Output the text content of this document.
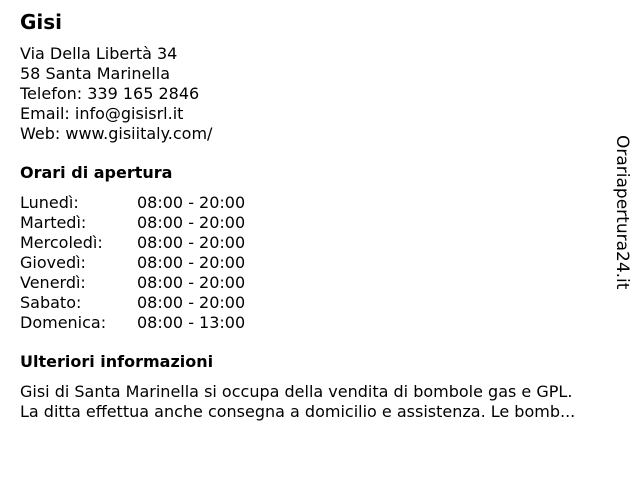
Gisi
Via Della Libertà 34
58 Santa Marinella
Telefon: 339 165 2846
Email: info@gisisrl.it
Web: www.gisiitaly.com/
Orari di apertura
Lunedì:	08:00 - 20:00
Martedì:	08:00 - 20:00
Mercoledì:	08:00 - 20:00
Giovedì:	08:00 - 20:00
Venerdì:	08:00 - 20:00
Sabato:	08:00 - 20:00
Domenica:	08:00 - 13:00
Ulteriori informazioni
Gisi di Santa Marinella si occupa della vendita di bombole gas e GPL.
La ditta effettua anche consegna a domicilio e assistenza. Le bomb...
Orariapertura24.it
